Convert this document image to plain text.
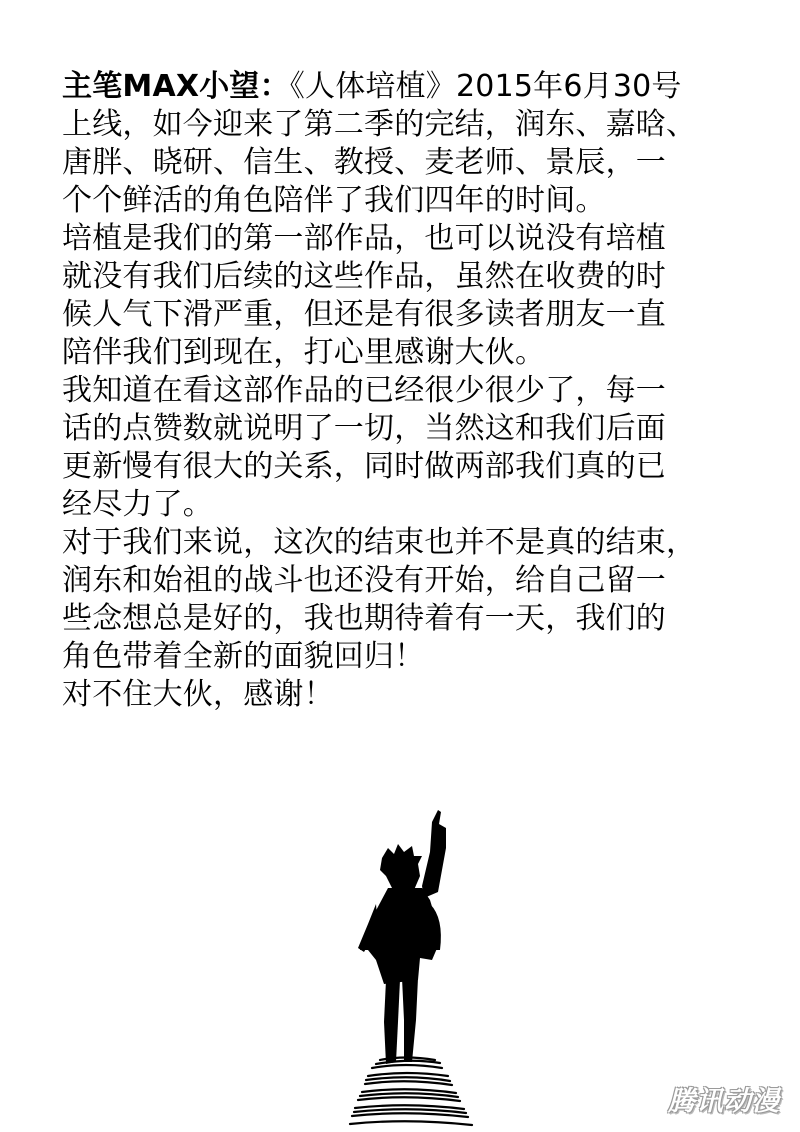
主笔MAX小望：《人体培植》2015年6月30号
上线，如今迎来了第二季的完结，润东、嘉晗、
唐胖、晓研、信生、教授、麦老师、景辰，一
个个鲜活的角色陪伴了我们四年的时间。
培植是我们的第一部作品，也可以说没有培植
就没有我们后续的这些作品，虽然在收费的时
候人气下滑严重，但还是有很多读者朋友一直
陪伴我们到现在，打心里感谢大伙。
我知道在看这部作品的已经很少很少了，每一
话的点赞数就说明了一切，当然这和我们后面
更新慢有很大的关系，同时做两部我们真的已
经尽力了。
对于我们来说，这次的结束也并不是真的结束，
润东和始祖的战斗也还没有开始，给自己留一
些念想总是好的，我也期待着有一天，我们的
角色带着全新的面貌回归！
对不住大伙，感谢！
腾讯动漫
